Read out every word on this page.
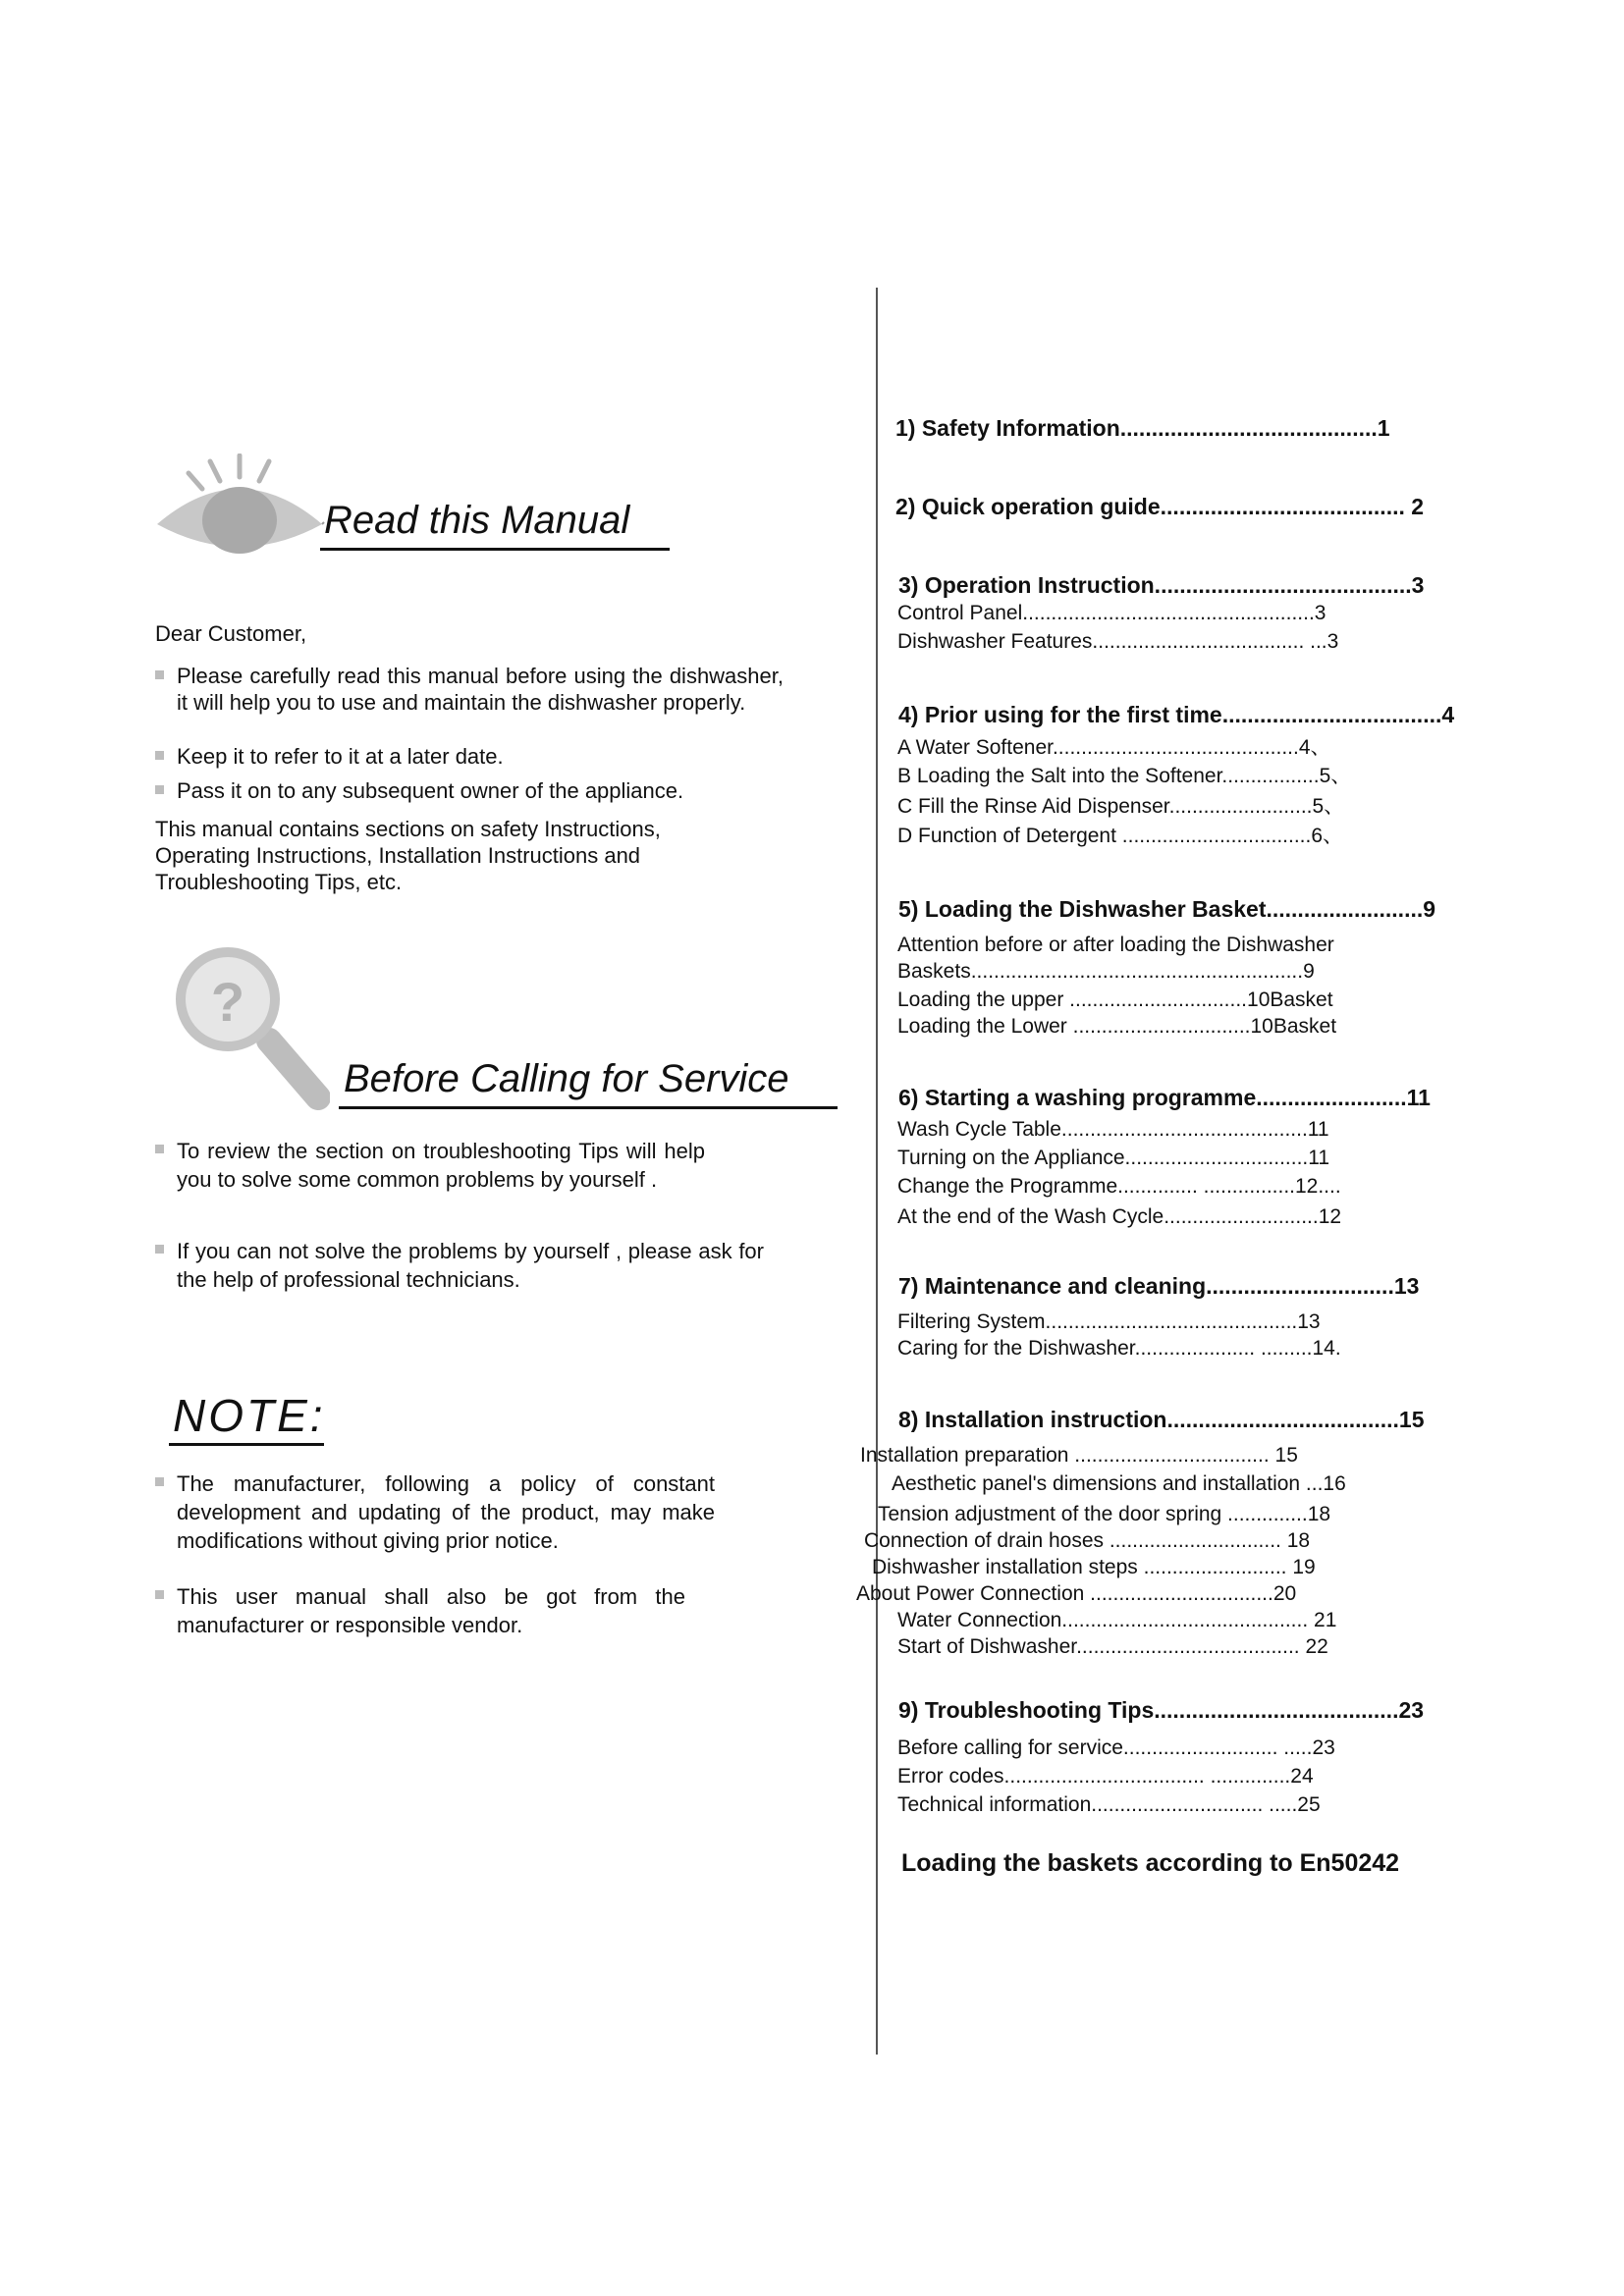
Read this Manual
Dear Customer,
Please carefully read this manual before using the dishwasher, it will help you to use and maintain the dishwasher properly.
Keep it to refer to it at a later date.
Pass it on to any subsequent owner of the appliance.
This manual contains sections on safety Instructions, Operating Instructions, Installation Instructions and Troubleshooting Tips, etc.
?
Before Calling for Service
To review the section on troubleshooting Tips will help you to solve some common problems by yourself .
If you can not solve the problems by yourself , please ask for the help of professional technicians.
NOTE:
The manufacturer, following a policy of constant development and updating of the product, may make modifications without giving prior notice.
This user manual shall also be got from the manufacturer or responsible vendor.
1) Safety Information.........................................1
2) Quick operation guide....................................... 2
3) Operation Instruction.........................................3
Control Panel...................................................3
Dishwasher Features..................................... ...3
4) Prior using for the first time...................................4
A Water Softener...........................................4、
B Loading the Salt into the Softener.................5、
C Fill the Rinse Aid Dispenser.........................5、
D Function of Detergent .................................6、
5) Loading the Dishwasher Basket.........................9
Attention before or after loading the Dishwasher
Baskets..........................................................9
Loading the upper ...............................10Basket
Loading the Lower ...............................10Basket
6) Starting a washing programme........................11
Wash Cycle Table...........................................11
Turning on the Appliance................................11
Change the Programme.............. ................12....
At the end of the Wash Cycle...........................12
7) Maintenance and cleaning..............................13
Filtering System............................................13
Caring for the Dishwasher..................... .........14.
8) Installation instruction.....................................15
Installation preparation .................................. 15
Aesthetic panel's dimensions and installation ...16
Tension adjustment of the door spring ..............18
Connection of drain hoses .............................. 18
Dishwasher installation steps ......................... 19
About Power Connection ................................20
Water Connection........................................... 21
Start of Dishwasher....................................... 22
9) Troubleshooting Tips.......................................23
Before calling for service........................... .....23
Error codes................................... ..............24
Technical information.............................. .....25
Loading the baskets according to En50242
